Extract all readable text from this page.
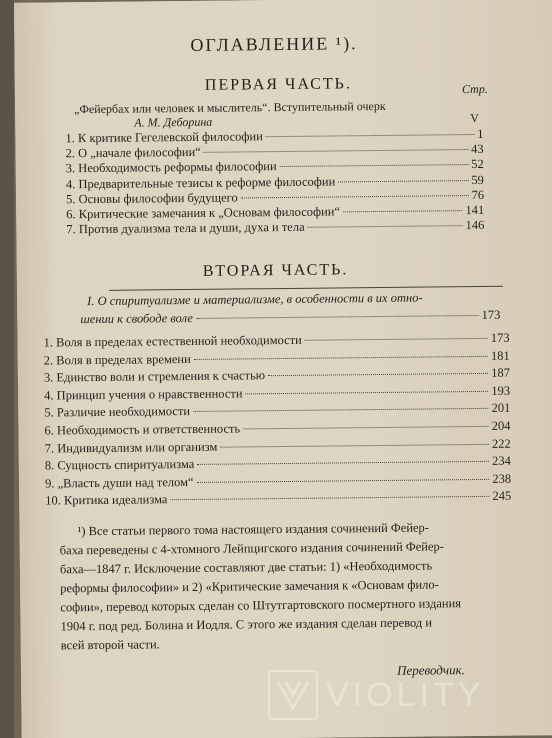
ОГЛАВЛЕНИЕ ¹).
ПЕРВАЯ ЧАСТЬ.	Стр.
„Фейербах или человек и мыслитель“. Вступительный очерк
А. М. Деборина	V
1. К критике Гегелевской философии	1
2. О „начале философии“	43
3. Необходимость реформы философии	52
4. Предварительные тезисы к реформе философии	59
5. Основы философии будущего	76
6. Критические замечания к „Основам философии“	141
7. Против дуализма тела и души, духа и тела	146
ВТОРАЯ ЧАСТЬ.
I. О спиритуализме и материализме, в особенности в их отно-
шении к свободе воле	173
1. Воля в пределах естественной необходимости	173
2. Воля в пределах времени	181
3. Единство воли и стремления к счастью	187
4. Принцип учения о нравственности	193
5. Различие необходимости	201
6. Необходимость и ответственность	204
7. Индивидуализм или организм	222
8. Сущность спиритуализма	234
9. „Власть души над телом“	238
10. Критика идеализма	245
¹) Все статьи первого тома настоящего издания сочинений Фейер-
баха переведены с 4-хтомного Лейпцигского издания сочинений Фейер-
баха—1847 г. Исключение составляют две статьи: 1) «Необходимость
реформы философии» и 2) «Критические замечания к «Основам фило-
софии», перевод которых сделан со Штутгартовского посмертного издания
1904 г. под ред. Болина и Иодля. С этого же издания сделан перевод и
всей второй части.
Переводчик.
VIOLITY
